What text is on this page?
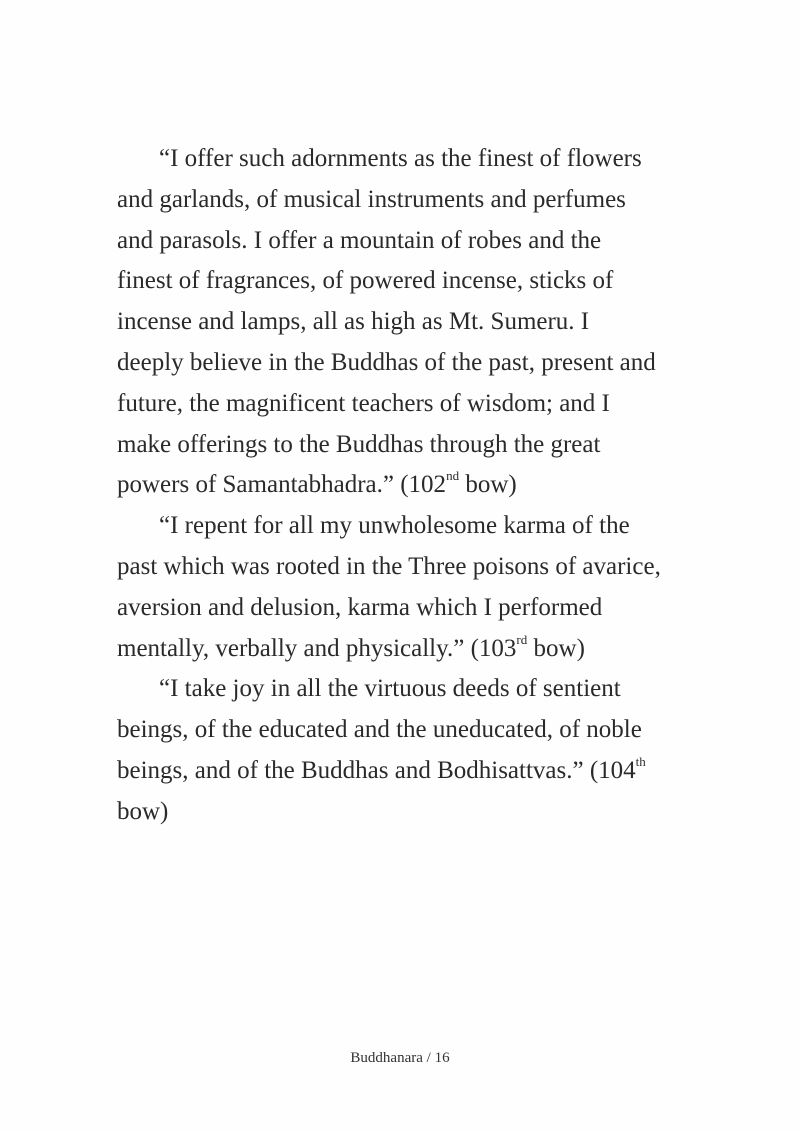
“I offer such adornments as the finest of flowers
and garlands, of musical instruments and perfumes
and parasols. I offer a mountain of robes and the
finest of fragrances, of powered incense, sticks of
incense and lamps, all as high as Mt. Sumeru. I
deeply believe in the Buddhas of the past, present and
future, the magnificent teachers of wisdom; and I
make offerings to the Buddhas through the great
powers of Samantabhadra.” (102nd bow)
“I repent for all my unwholesome karma of the
past which was rooted in the Three poisons of avarice,
aversion and delusion, karma which I performed
mentally, verbally and physically.” (103rd bow)
“I take joy in all the virtuous deeds of sentient
beings, of the educated and the uneducated, of noble
beings, and of the Buddhas and Bodhisattvas.” (104th
bow)
Buddhanara / 16
